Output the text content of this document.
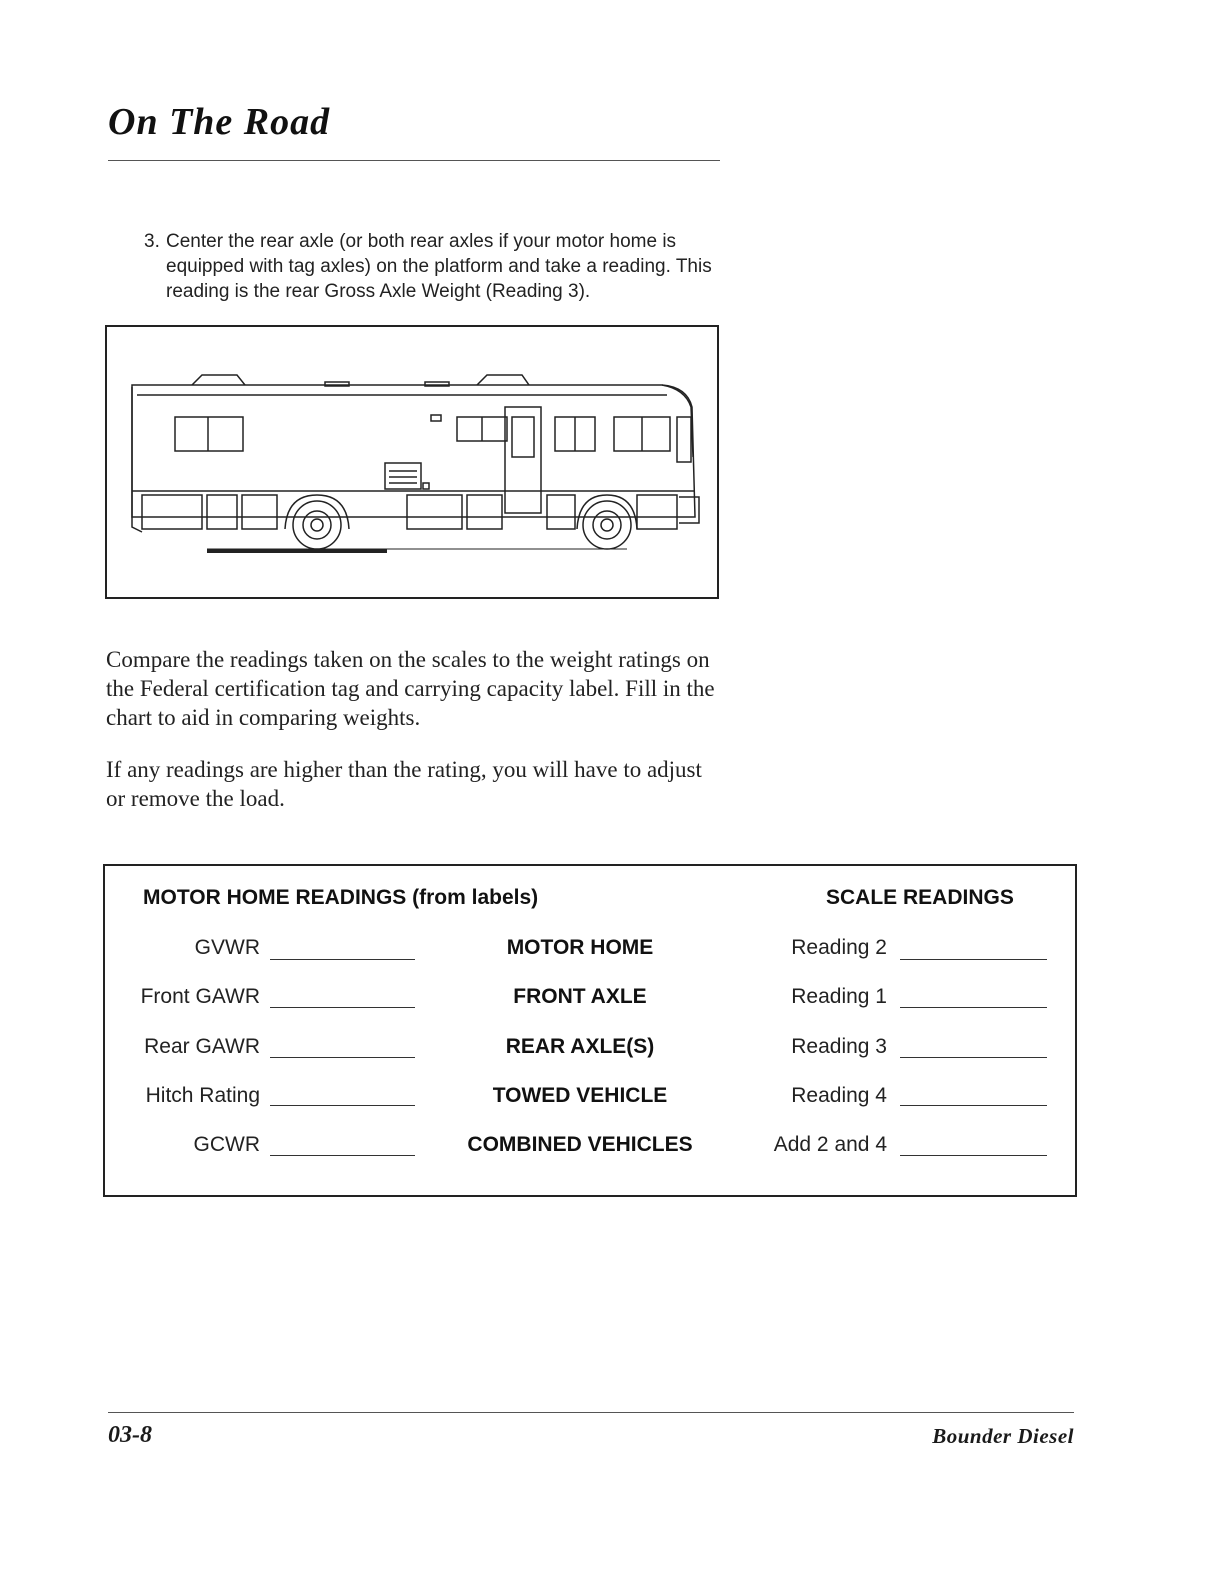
On The Road
3. Center the rear axle (or both rear axles if your motor home is equipped with tag axles) on the platform and take a reading. This reading is the rear Gross Axle Weight (Reading 3).
Compare the readings taken on the scales to the weight ratings on the Federal certification tag and carrying capacity label. Fill in the chart to aid in comparing weights.
If any readings are higher than the rating, you will have to adjust or remove the load.
MOTOR HOME READINGS (from labels)	SCALE READINGS
GVWR	MOTOR HOME	Reading 2
Front GAWR	FRONT AXLE	Reading 1
Rear GAWR	REAR AXLE(S)	Reading 3
Hitch Rating	TOWED VEHICLE	Reading 4
GCWR	COMBINED VEHICLES	Add 2 and 4
03-8	Bounder Diesel
